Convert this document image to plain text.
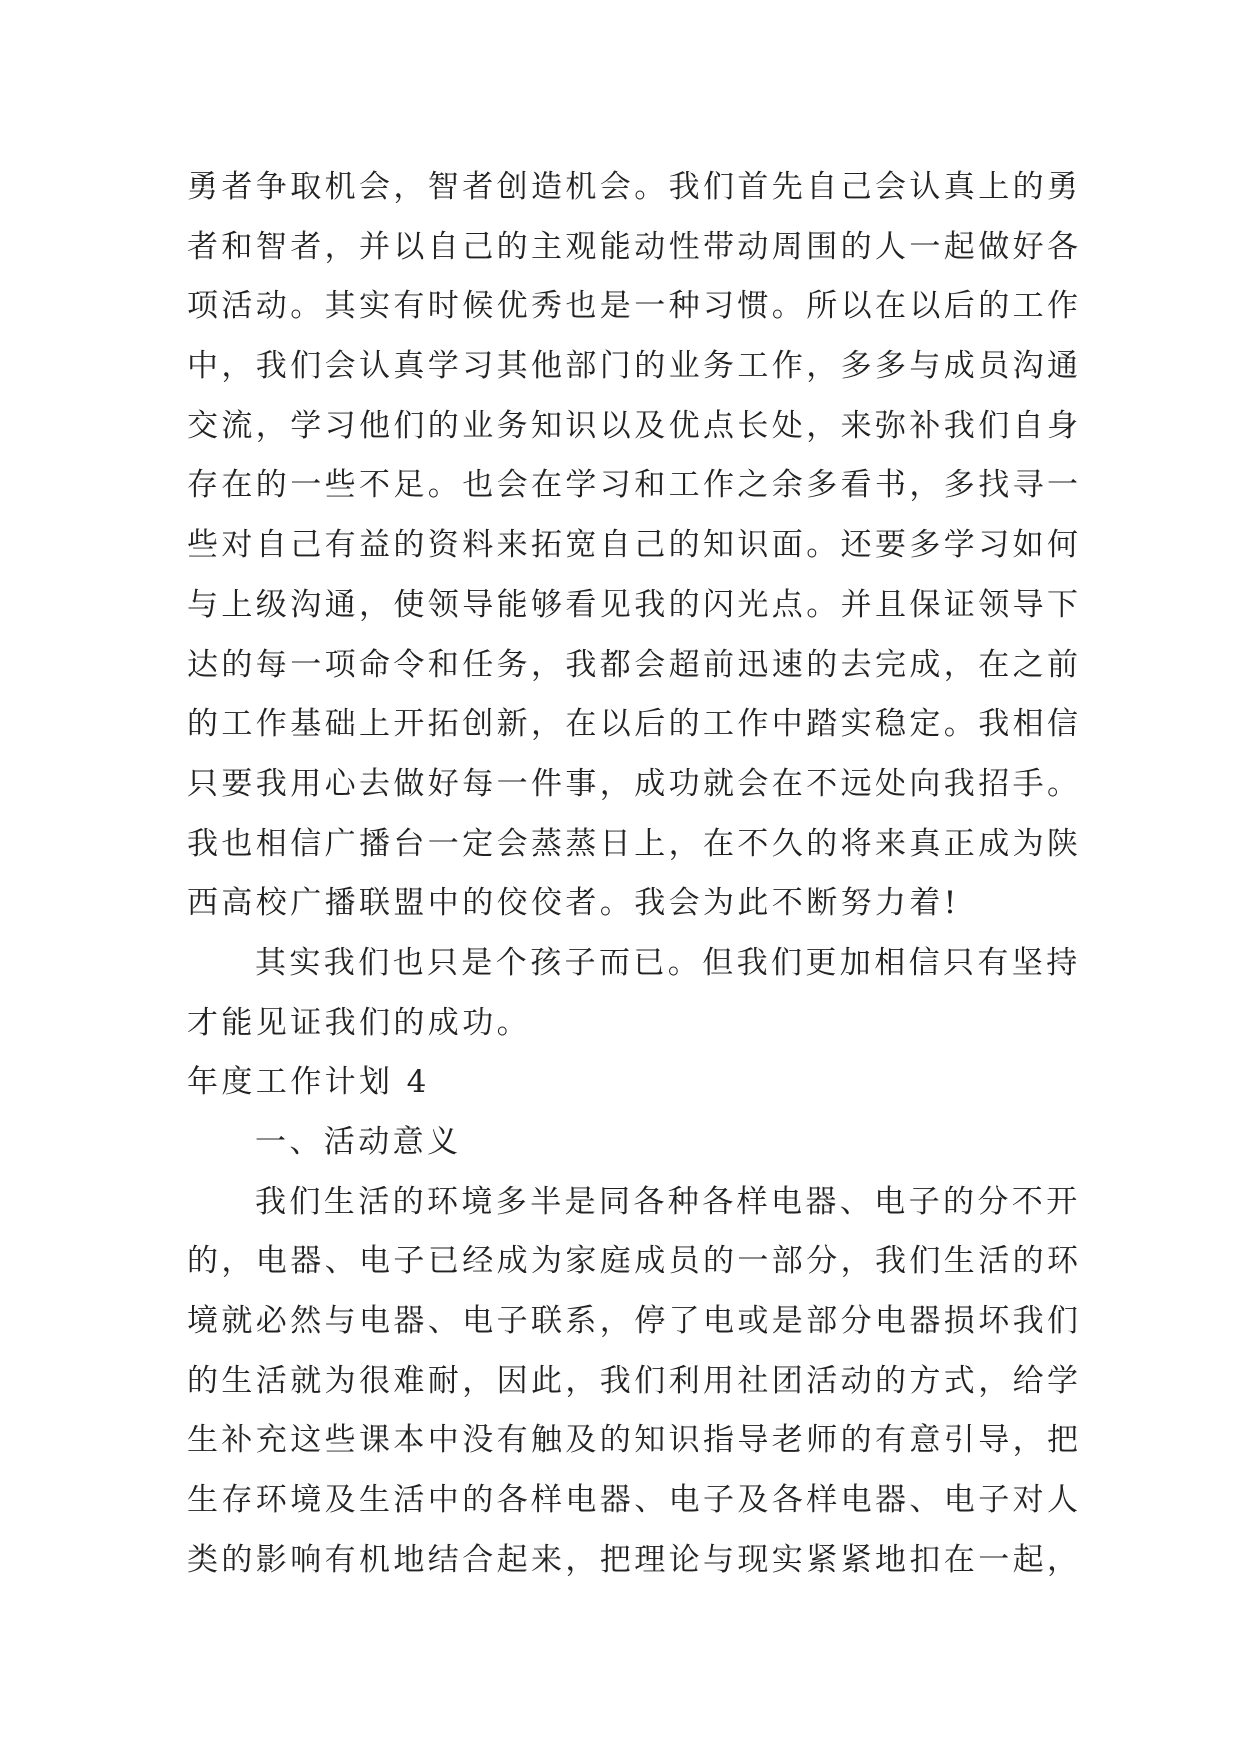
勇者争取机会，智者创造机会。我们首先自己会认真上的勇
者和智者，并以自己的主观能动性带动周围的人一起做好各
项活动。其实有时候优秀也是一种习惯。所以在以后的工作
中，我们会认真学习其他部门的业务工作，多多与成员沟通
交流，学习他们的业务知识以及优点长处，来弥补我们自身
存在的一些不足。也会在学习和工作之余多看书，多找寻一
些对自己有益的资料来拓宽自己的知识面。还要多学习如何
与上级沟通，使领导能够看见我的闪光点。并且保证领导下
达的每一项命令和任务，我都会超前迅速的去完成，在之前
的工作基础上开拓创新，在以后的工作中踏实稳定。我相信
只要我用心去做好每一件事，成功就会在不远处向我招手。
我也相信广播台一定会蒸蒸日上，在不久的将来真正成为陕
西高校广播联盟中的佼佼者。我会为此不断努力着!
其实我们也只是个孩子而已。但我们更加相信只有坚持
才能见证我们的成功。
年度工作计划 4
一、活动意义
我们生活的环境多半是同各种各样电器、电子的分不开
的，电器、电子已经成为家庭成员的一部分，我们生活的环
境就必然与电器、电子联系，停了电或是部分电器损坏我们
的生活就为很难耐，因此，我们利用社团活动的方式，给学
生补充这些课本中没有触及的知识指导老师的有意引导，把
生存环境及生活中的各样电器、电子及各样电器、电子对人
类的影响有机地结合起来，把理论与现实紧紧地扣在一起，
